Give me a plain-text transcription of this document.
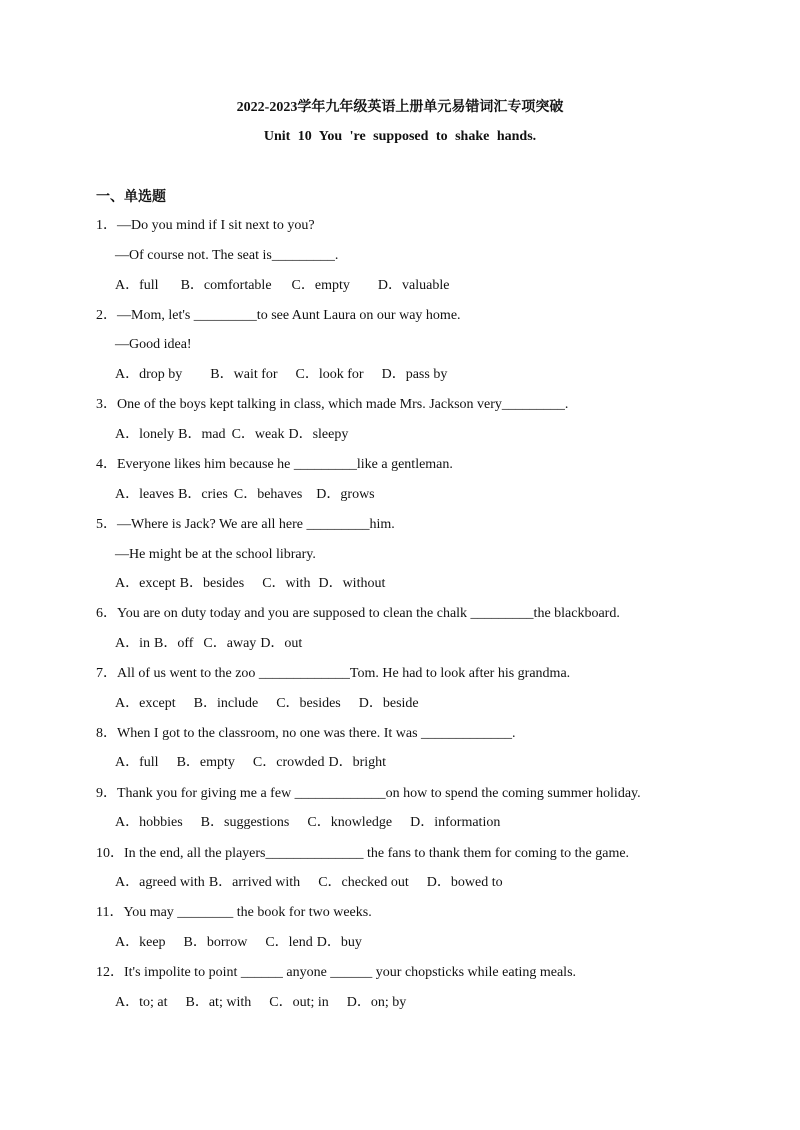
2022-2023学年九年级英语上册单元易错词汇专项突破
Unit 10 You 're supposed to shake hands.
一、单选题
1．—Do you mind if I sit next to you?
—Of course not. The seat is_________.
A．full B．comfortable C．empty D．valuable
2．—Mom, let's _________to see Aunt Laura on our way home.
—Good idea!
A．drop by B．wait for C．look for D．pass by
3．One of the boys kept talking in class, which made Mrs. Jackson very_________.
A．lonely B．mad C．weak D．sleepy
4．Everyone likes him because he _________like a gentleman.
A．leaves B．cries C．behaves D．grows
5．—Where is Jack? We are all here _________him.
—He might be at the school library.
A．except B．besides C．with D．without
6．You are on duty today and you are supposed to clean the chalk _________the blackboard.
A．in B．off C．away D．out
7．All of us went to the zoo _____________Tom. He had to look after his grandma.
A．except B．include C．besides D．beside
8．When I got to the classroom, no one was there. It was _____________.
A．full B．empty C．crowded D．bright
9．Thank you for giving me a few _____________on how to spend the coming summer holiday.
A．hobbies B．suggestions C．knowledge D．information
10．In the end, all the players______________ the fans to thank them for coming to the game.
A．agreed with B．arrived with C．checked out D．bowed to
11．You may ________ the book for two weeks.
A．keep B．borrow C．lend D．buy
12．It's impolite to point ______ anyone ______ your chopsticks while eating meals.
A．to; at B．at; with C．out; in D．on; by
